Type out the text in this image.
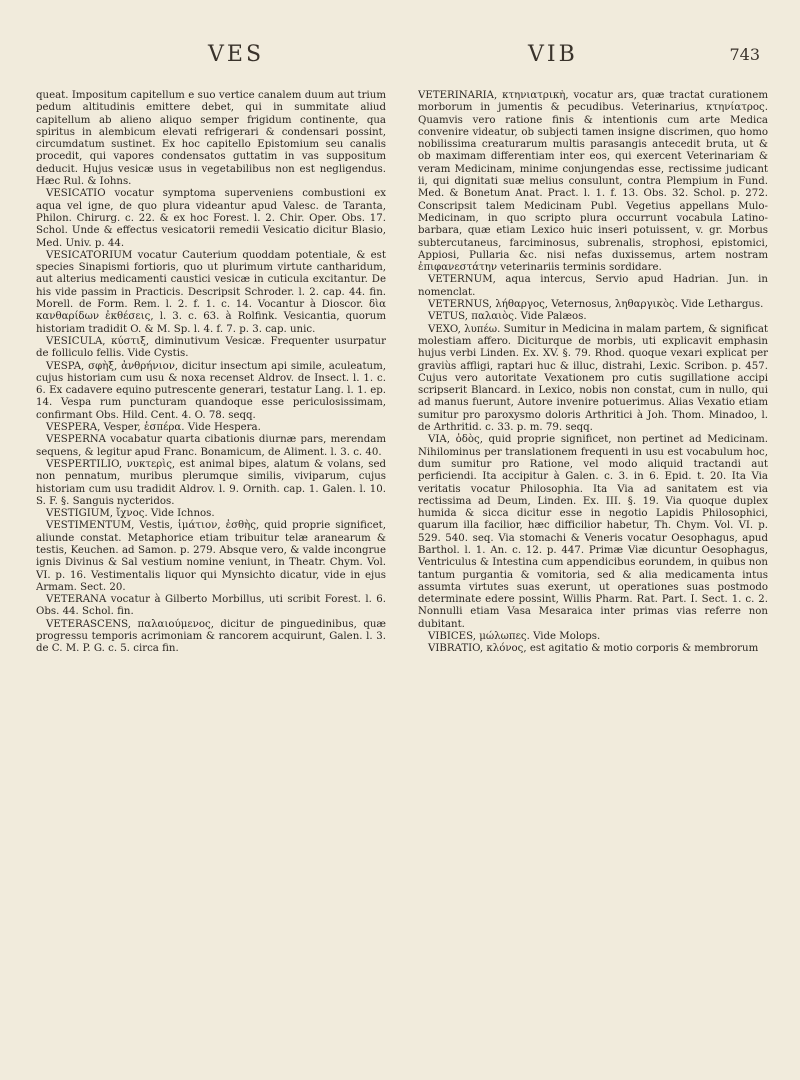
VES	VIB	743

queat. Impositum capitellum e suo vertice canalem duum aut trium pedum altitudinis emittere debet, qui in summitate aliud capitellum ab alieno aliquo semper frigidum continente, qua spiritus in alembicum elevati refrigerari & condensari possint, circumdatum sustinet. Ex hoc capitello Epistomium seu canalis procedit, qui vapores condensatos guttatim in vas suppositum deducit. Hujus vesicæ usus in vegetabilibus non est negligendus. Hæc Rul. & Iohns.

VESICATIO vocatur symptoma superveniens combustioni ex aqua vel igne, de quo plura videantur apud Valesc. de Taranta, Philon. Chirurg. c. 22. & ex hoc Forest. l. 2. Chir. Oper. Obs. 17. Schol. Unde & effectus vesicatorii remedii Vesicatio dicitur Blasio, Med. Univ. p. 44.

VESICATORIUM vocatur Cauterium quoddam potentiale, & est species Sinapismi fortioris, quo ut plurimum virtute cantharidum, aut alterius medicamenti caustici vesicæ in cuticula excitantur. De his vide passim in Practicis. Descripsit Schroder. l. 2. cap. 44. fin. Morell. de Form. Rem. l. 2. f. 1. c. 14. Vocantur à Dioscor. δὶα κανθαρίδων ἐκθέσεις, l. 3. c. 63. à Rolfink. Vesicantia, quorum historiam tradidit O. & M. Sp. l. 4. f. 7. p. 3. cap. unic.

VESICULA, κύστιξ, diminutivum Vesicæ. Frequenter usurpatur de folliculo fellis. Vide Cystis.

VESPA, σφὴξ, ἀνθρήνιον, dicitur insectum api simile, aculeatum, cujus historiam cum usu & noxa recenset Aldrov. de Insect. l. 1. c. 6. Ex cadavere equino putrescente generari, testatur Lang. l. 1. ep. 14. Vespa rum puncturam quandoque esse periculosissimam, confirmant Obs. Hild. Cent. 4. O. 78. seqq.

VESPERA, Vesper, ἑσπέρα. Vide Hespera.

VESPERNA vocabatur quarta cibationis diurnæ pars, merendam sequens, & legitur apud Franc. Bonamicum, de Aliment. l. 3. c. 40.

VESPERTILIO, νυκτερὶς, est animal bipes, alatum & volans, sed non pennatum, muribus plerumque similis, viviparum, cujus historiam cum usu tradidit Aldrov. l. 9. Ornith. cap. 1. Galen. l. 10. S. F. §. Sanguis nycteridos.

VESTIGIUM, ἴχνος. Vide Ichnos.

VESTIMENTUM, Vestis, ἱμάτιον, ἐσθὴς, quid proprie significet, aliunde constat. Metaphorice etiam tribuitur telæ aranearum & testis, Keuchen. ad Samon. p. 279. Absque vero, & valde incongrue ignis Divinus & Sal vestium nomine veniunt, in Theatr. Chym. Vol. VI. p. 16. Vestimentalis liquor qui Mynsichto dicatur, vide in ejus Armam. Sect. 20.

VETERANA vocatur à Gilberto Morbillus, uti scribit Forest. l. 6. Obs. 44. Schol. fin.

VETERASCENS, παλαιούμενος, dicitur de pinguedinibus, quæ progressu temporis acrimoniam & rancorem acquirunt, Galen. l. 3. de C. M. P. G. c. 5. circa fin.

VETERINARIA, κτηνιατρικὴ, vocatur ars, quæ tractat curationem morborum in jumentis & pecudibus. Veterinarius, κτηνίατρος. Quamvis vero ratione finis & intentionis cum arte Medica convenire videatur, ob subjecti tamen insigne discrimen, quo homo nobilissima creaturarum multis parasangis antecedit bruta, ut & ob maximam differentiam inter eos, qui exercent Veterinariam & veram Medicinam, minime conjungendas esse, rectissime judicant ii, qui dignitati suæ melius consulunt, contra Plempium in Fund. Med. & Bonetum Anat. Pract. l. 1. f. 13. Obs. 32. Schol. p. 272. Conscripsit talem Medicinam Publ. Vegetius appellans Mulo-Medicinam, in quo scripto plura occurrunt vocabula Latino-barbara, quæ etiam Lexico huic inseri potuissent, v. gr. Morbus subtercutaneus, farciminosus, subrenalis, strophosi, epistomici, Appiosi, Pullaria &c. nisi nefas duxissemus, artem nostram ἐπιφανεστάτην veterinariis terminis sordidare.

VETERNUM, aqua intercus, Servio apud Hadrian. Jun. in nomenclat.

VETERNUS, λήθαργος, Veternosus, ληθαργικὸς. Vide Lethargus.

VETUS, παλαιὸς. Vide Palæos.

VEXO, λυπέω. Sumitur in Medicina in malam partem, & significat molestiam affero. Diciturque de morbis, uti explicavit emphasin hujus verbi Linden. Ex. XV. §. 79. Rhod. quoque vexari explicat per graviùs affligi, raptari huc & illuc, distrahi, Lexic. Scribon. p. 457. Cujus vero autoritate Vexationem pro cutis sugillatione accipi scripserit Blancard. in Lexico, nobis non constat, cum in nullo, qui ad manus fuerunt, Autore invenire potuerimus. Alias Vexatio etiam sumitur pro paroxysmo doloris Arthritici à Joh. Thom. Minadoo, l. de Arthritid. c. 33. p. m. 79. seqq.

VIA, ὁδὸς, quid proprie significet, non pertinet ad Medicinam. Nihilominus per translationem frequenti in usu est vocabulum hoc, dum sumitur pro Ratione, vel modo aliquid tractandi aut perficiendi. Ita accipitur à Galen. c. 3. in 6. Epid. t. 20. Ita Via veritatis vocatur Philosophia. Ita Via ad sanitatem est via rectissima ad Deum, Linden. Ex. III. §. 19. Via quoque duplex humida & sicca dicitur esse in negotio Lapidis Philosophici, quarum illa facilior, hæc difficilior habetur, Th. Chym. Vol. VI. p. 529. 540. seq. Via stomachi & Veneris vocatur Oesophagus, apud Barthol. l. 1. An. c. 12. p. 447. Primæ Viæ dicuntur Oesophagus, Ventriculus & Intestina cum appendicibus eorundem, in quibus non tantum purgantia & vomitoria, sed & alia medicamenta intus assumta virtutes suas exerunt, ut operationes suas postmodo determinate edere possint, Willis Pharm. Rat. Part. I. Sect. 1. c. 2. Nonnulli etiam Vasa Mesaraica inter primas vias referre non dubitant.

VIBICES, μώλωπες. Vide Molops.

VIBRATIO, κλόνος, est agitatio & motio corporis & membrorum
